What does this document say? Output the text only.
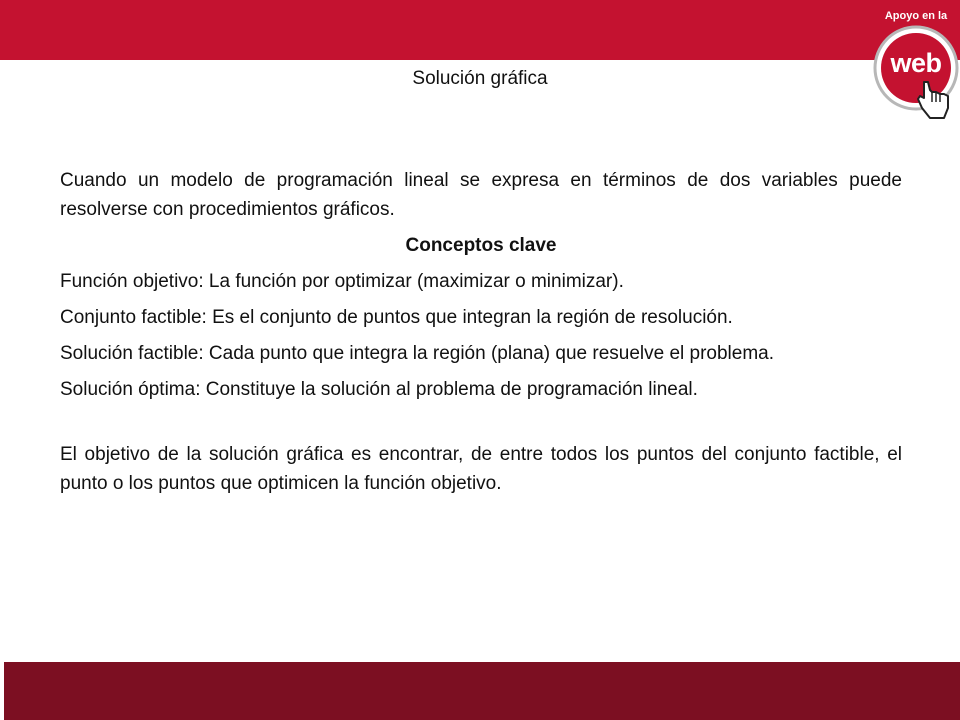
Apoyo en la
web
Solución gráfica

Cuando un modelo de programación lineal se expresa en términos de dos variables puede resolverse con procedimientos gráficos.

Conceptos clave

Función objetivo: La función por optimizar (maximizar o minimizar).

Conjunto factible: Es el conjunto de puntos que integran la región de resolución.

Solución factible: Cada punto que integra la región (plana) que resuelve el problema.

Solución óptima: Constituye la solución al problema de programación lineal.

El objetivo de la solución gráfica es encontrar, de entre todos los puntos del conjunto factible, el punto o los puntos que optimicen la función objetivo.
